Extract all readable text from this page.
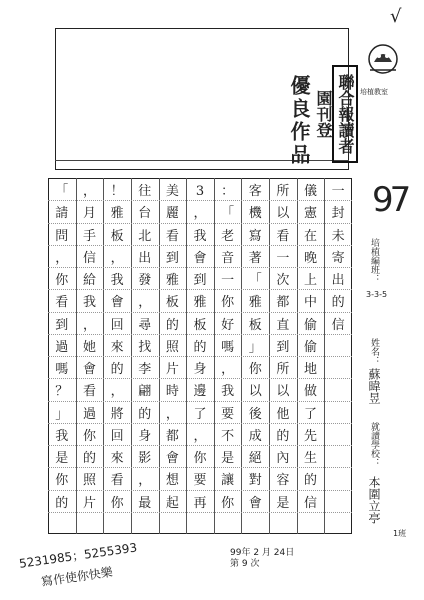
√
優良作品 聯合報讀者園刊登	培植教室
97
一
封
未
寄
出
的
信
儀
憲
在
晚
上
中
偷
偷
地
做
了
先
生
的
信
所
以
看
一
次
都
直
到
所
以
他
的
內
容
是
客
機
寫
著
「
雅
板
」
你
以
後
成
絕
對
會
：
「
老
音
一
你
好
嗎
，
我
要
不
是
讓
你
3
，
我
會
到
雅
板
的
身
邊
了
，
你
要
再
美
麗
看
到
雅
板
的
照
片
時
，
都
會
想
起
往
台
北
出
發
，
尋
找
李
翩
的
身
影
，
最
！
雅
板
，
我
會
回
來
的
，
將
回
來
看
你
，
月
手
信
給
我
，
她
會
看
過
你
的
照
片
「
請
問
，
你
看
到
過
嗎
？
」
我
是
你
的
培植編班：
3-3-5
姓名：
蘇暐昱
就讀學校：
本圍立亭
1班
99年 2 月 24日
第 9 次
5231985；5255393
寫作使你快樂
